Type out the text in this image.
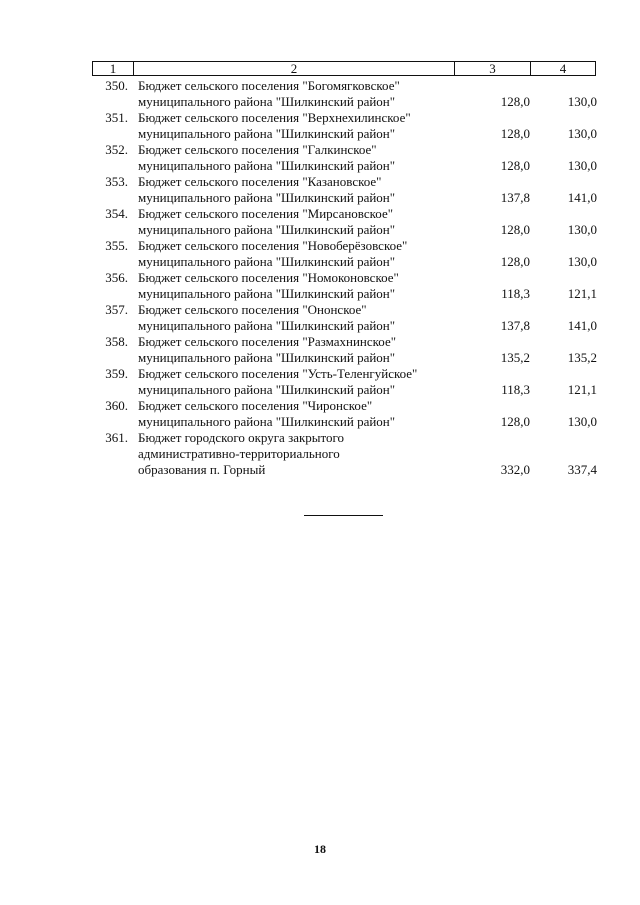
1	2	3	4
350. Бюджет сельского поселения "Богомягковское"
муниципального района "Шилкинский район"	128,0	130,0
351. Бюджет сельского поселения "Верхнехилинское"
муниципального района "Шилкинский район"	128,0	130,0
352. Бюджет сельского поселения "Галкинское"
муниципального района "Шилкинский район"	128,0	130,0
353. Бюджет сельского поселения "Казановское"
муниципального района "Шилкинский район"	137,8	141,0
354. Бюджет сельского поселения "Мирсановское"
муниципального района "Шилкинский район"	128,0	130,0
355. Бюджет сельского поселения "Новоберёзовское"
муниципального района "Шилкинский район"	128,0	130,0
356. Бюджет сельского поселения "Номоконовское"
муниципального района "Шилкинский район"	118,3	121,1
357. Бюджет сельского поселения "Ононское"
муниципального района "Шилкинский район"	137,8	141,0
358. Бюджет сельского поселения "Размахнинское"
муниципального района "Шилкинский район"	135,2	135,2
359. Бюджет сельского поселения "Усть-Теленгуйское"
муниципального района "Шилкинский район"	118,3	121,1
360. Бюджет сельского поселения "Чиронское"
муниципального района "Шилкинский район"	128,0	130,0
361. Бюджет городского округа закрытого
административно-территориального
образования п. Горный	332,0	337,4
18
